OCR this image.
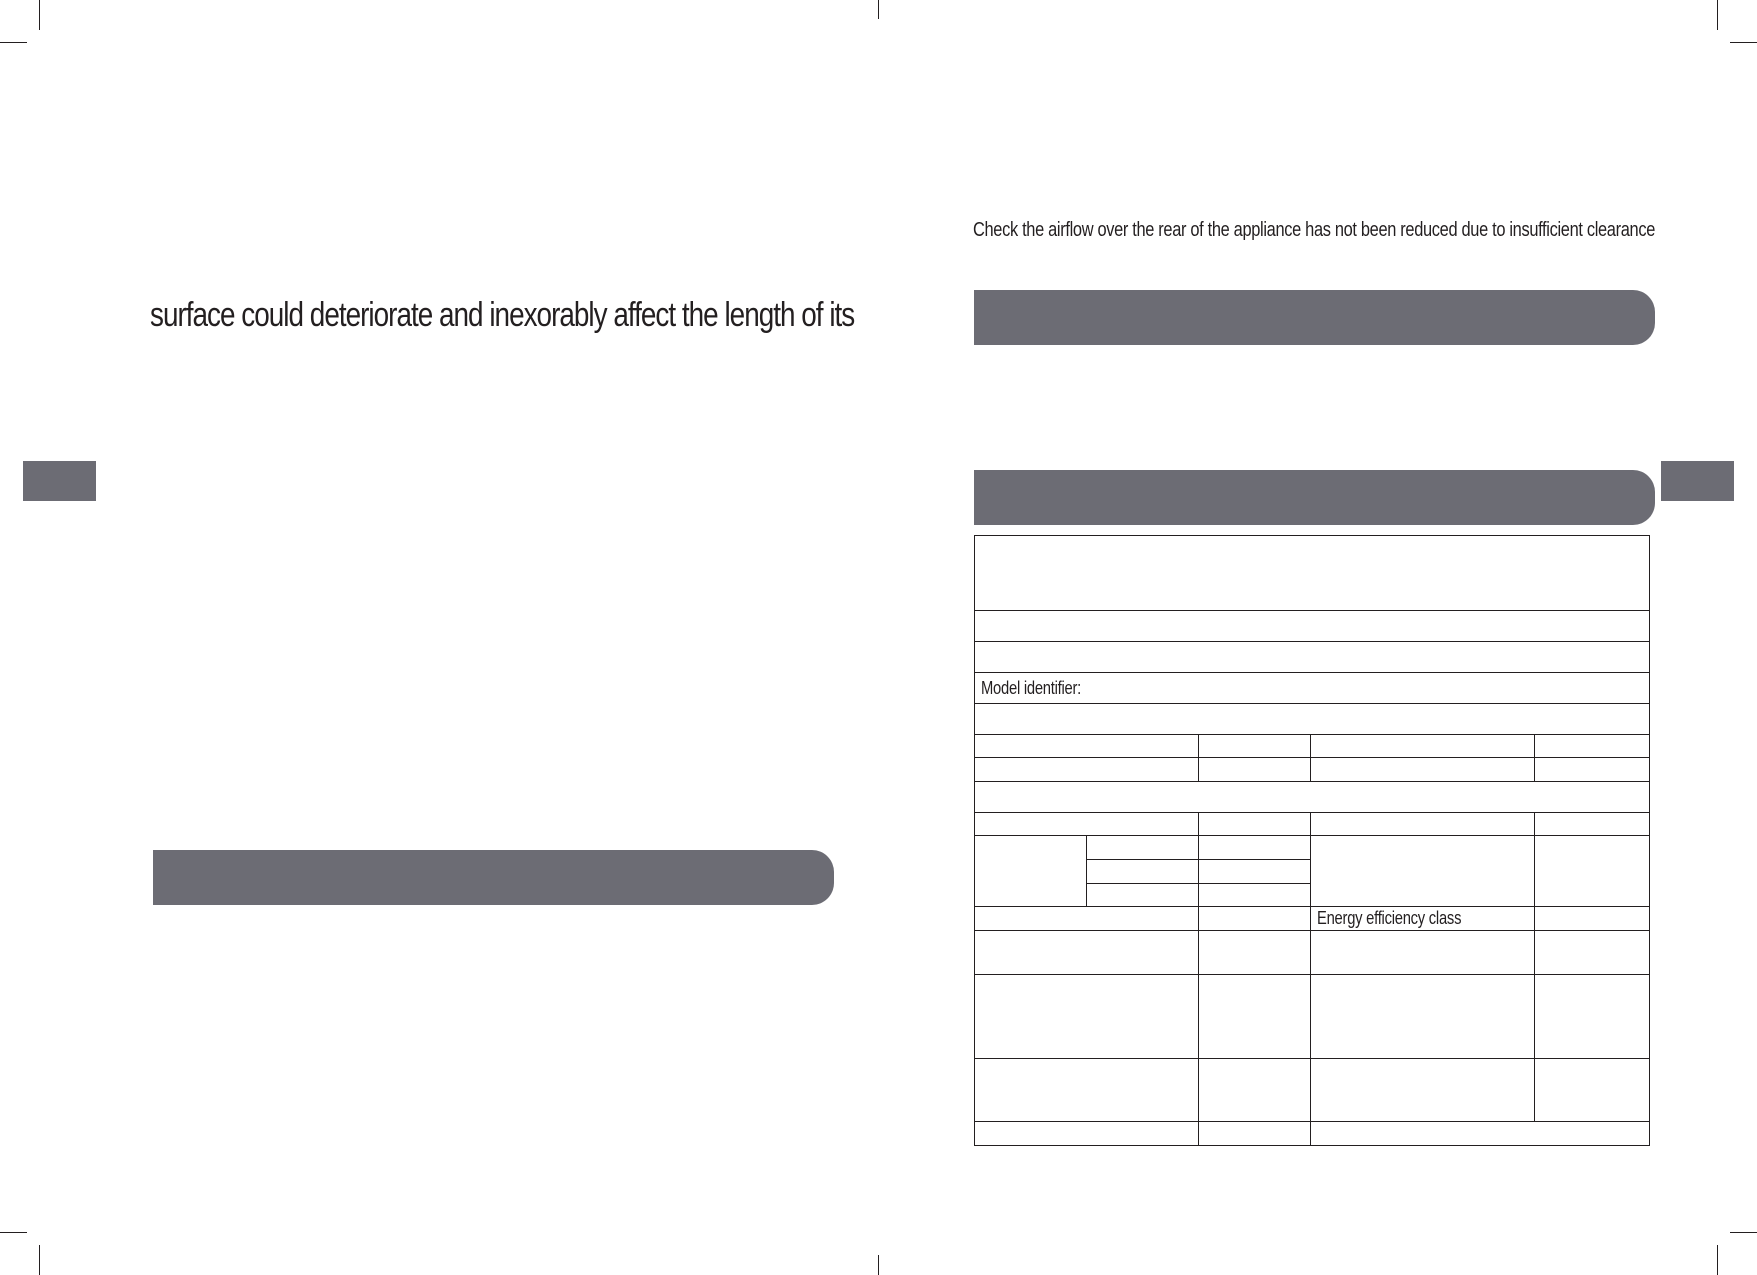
surface could deteriorate and inexorably affect the length of its
Check the airflow over the rear of the appliance has not been reduced due to insufficient clearance

Model identifier:				

			Energy efficiency class	
